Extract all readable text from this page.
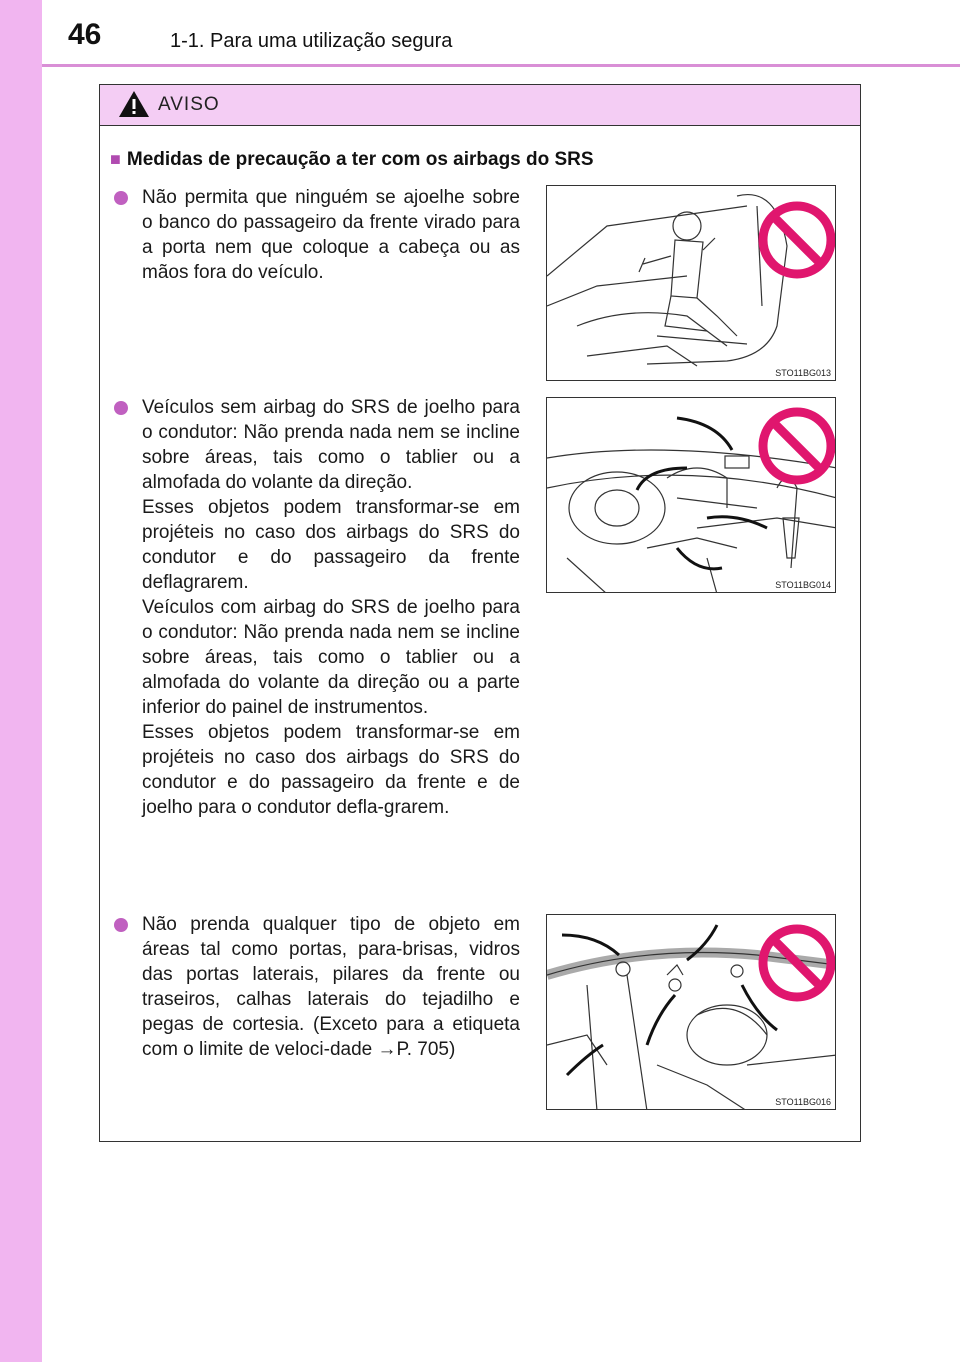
46	1-1. Para uma utilização segura
AVISO
■ Medidas de precaução a ter com os airbags do SRS
Não permita que ninguém se ajoelhe sobre o banco do passageiro da frente virado para a porta nem que coloque a cabeça ou as mãos fora do veículo.
STO11BG013
Veículos sem airbag do SRS de joelho para o condutor: Não prenda nada nem se incline sobre áreas, tais como o tablier ou a almofada do volante da direção.
Esses objetos podem transformar-se em projéteis no caso dos airbags do SRS do condutor e do passageiro da frente deflagrarem.
Veículos com airbag do SRS de joelho para o condutor: Não prenda nada nem se incline sobre áreas, tais como o tablier ou a almofada do volante da direção ou a parte inferior do painel de instrumentos.
Esses objetos podem transformar-se em projéteis no caso dos airbags do SRS do condutor e do passageiro da frente e de joelho para o condutor defla-grarem.
STO11BG014
Não prenda qualquer tipo de objeto em áreas tal como portas, para-brisas, vidros das portas laterais, pilares da frente ou traseiros, calhas laterais do tejadilho e pegas de cortesia. (Exceto para a etiqueta com o limite de veloci-dade →P. 705)
STO11BG016
